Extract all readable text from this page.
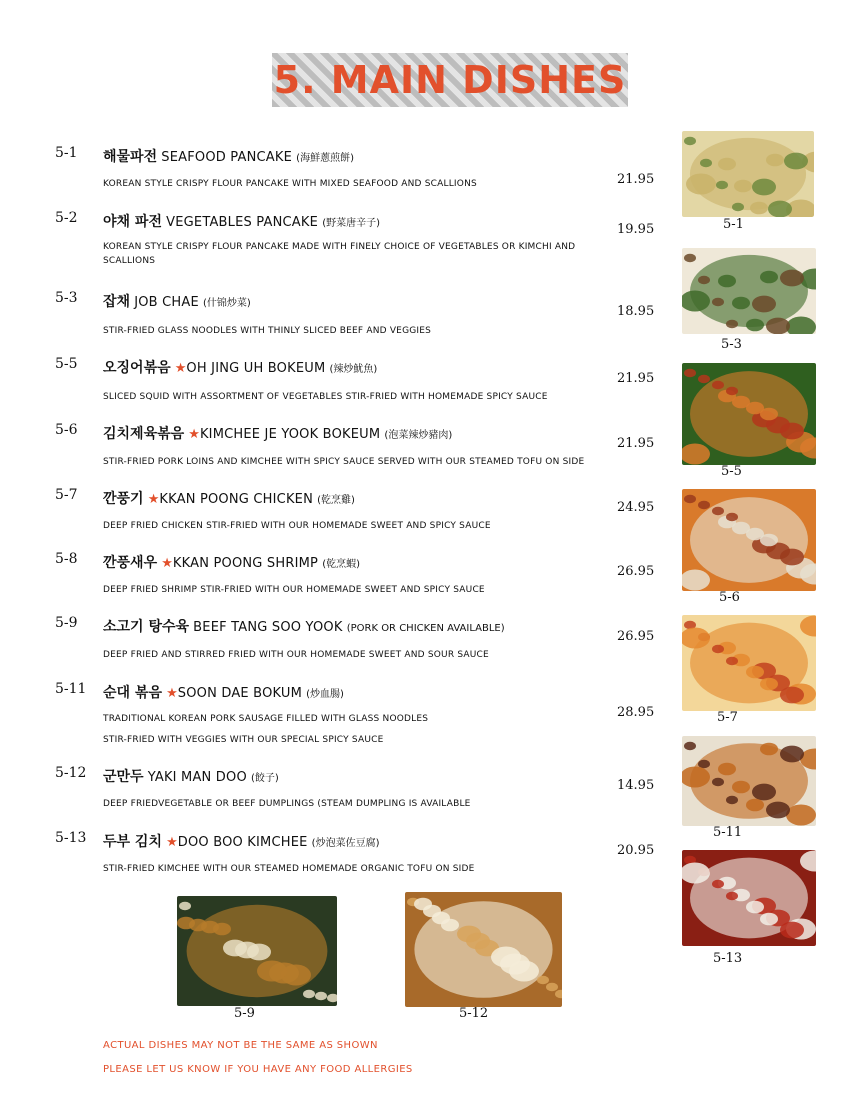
5. MAIN DISHES
5-1 해물파전 SEAFOOD PANCAKE (海鮮蔥煎餅)
KOREAN STYLE CRISPY FLOUR PANCAKE WITH MIXED SEAFOOD AND SCALLIONS	21.95
5-2 야채 파전 VEGETABLES PANCAKE (野菜唐辛子)
KOREAN STYLE CRISPY FLOUR PANCAKE MADE WITH FINELY CHOICE OF VEGETABLES OR KIMCHI AND SCALLIONS
19.95
5-3 잡채 JOB CHAE (什锦炒菜)
STIR-FRIED GLASS NOODLES WITH THINLY SLICED BEEF AND VEGGIES
18.95
5-5 오징어볶음 ★OH JING UH BOKEUM (辣炒魷魚)
SLICED SQUID WITH ASSORTMENT OF VEGETABLES STIR-FRIED WITH HOMEMADE SPICY SAUCE
21.95
5-6 김치제육볶음 ★KIMCHEE JE YOOK BOKEUM (泡菜辣炒豬肉)
STIR-FRIED PORK LOINS AND KIMCHEE WITH SPICY SAUCE SERVED WITH OUR STEAMED TOFU ON SIDE
21.95
5-7 깐풍기 ★KKAN POONG CHICKEN (乾烹雞)
DEEP FRIED CHICKEN STIR-FRIED WITH OUR HOMEMADE SWEET AND SPICY SAUCE
24.95
5-8 깐풍새우 ★KKAN POONG SHRIMP (乾烹蝦)
DEEP FRIED SHRIMP STIR-FRIED WITH OUR HOMEMADE SWEET AND SPICY SAUCE
26.95
5-9 소고기 탕수육 BEEF TANG SOO YOOK (PORK OR CHICKEN AVAILABLE)
DEEP FRIED AND STIRRED FRIED WITH OUR HOMEMADE SWEET AND SOUR SAUCE
26.95
5-11 순대 볶음 ★SOON DAE BOKUM (炒血腸)
TRADITIONAL KOREAN PORK SAUSAGE FILLED WITH GLASS NOODLES
STIR-FRIED WITH VEGGIES WITH OUR SPECIAL SPICY SAUCE
28.95
5-12 군만두 YAKI MAN DOO (餃子)
DEEP FRIEDVEGETABLE OR BEEF DUMPLINGS (STEAM DUMPLING IS AVAILABLE
14.95
5-13 두부 김치 ★DOO BOO KIMCHEE (炒泡菜佐豆腐)
STIR-FRIED KIMCHEE WITH OUR STEAMED HOMEMADE ORGANIC TOFU ON SIDE
20.95
5-1
5-3
5-5
5-6
5-7
5-11
5-13
5-9	5-12
ACTUAL DISHES MAY NOT BE THE SAME AS SHOWN
PLEASE LET US KNOW IF YOU HAVE ANY FOOD ALLERGIES
